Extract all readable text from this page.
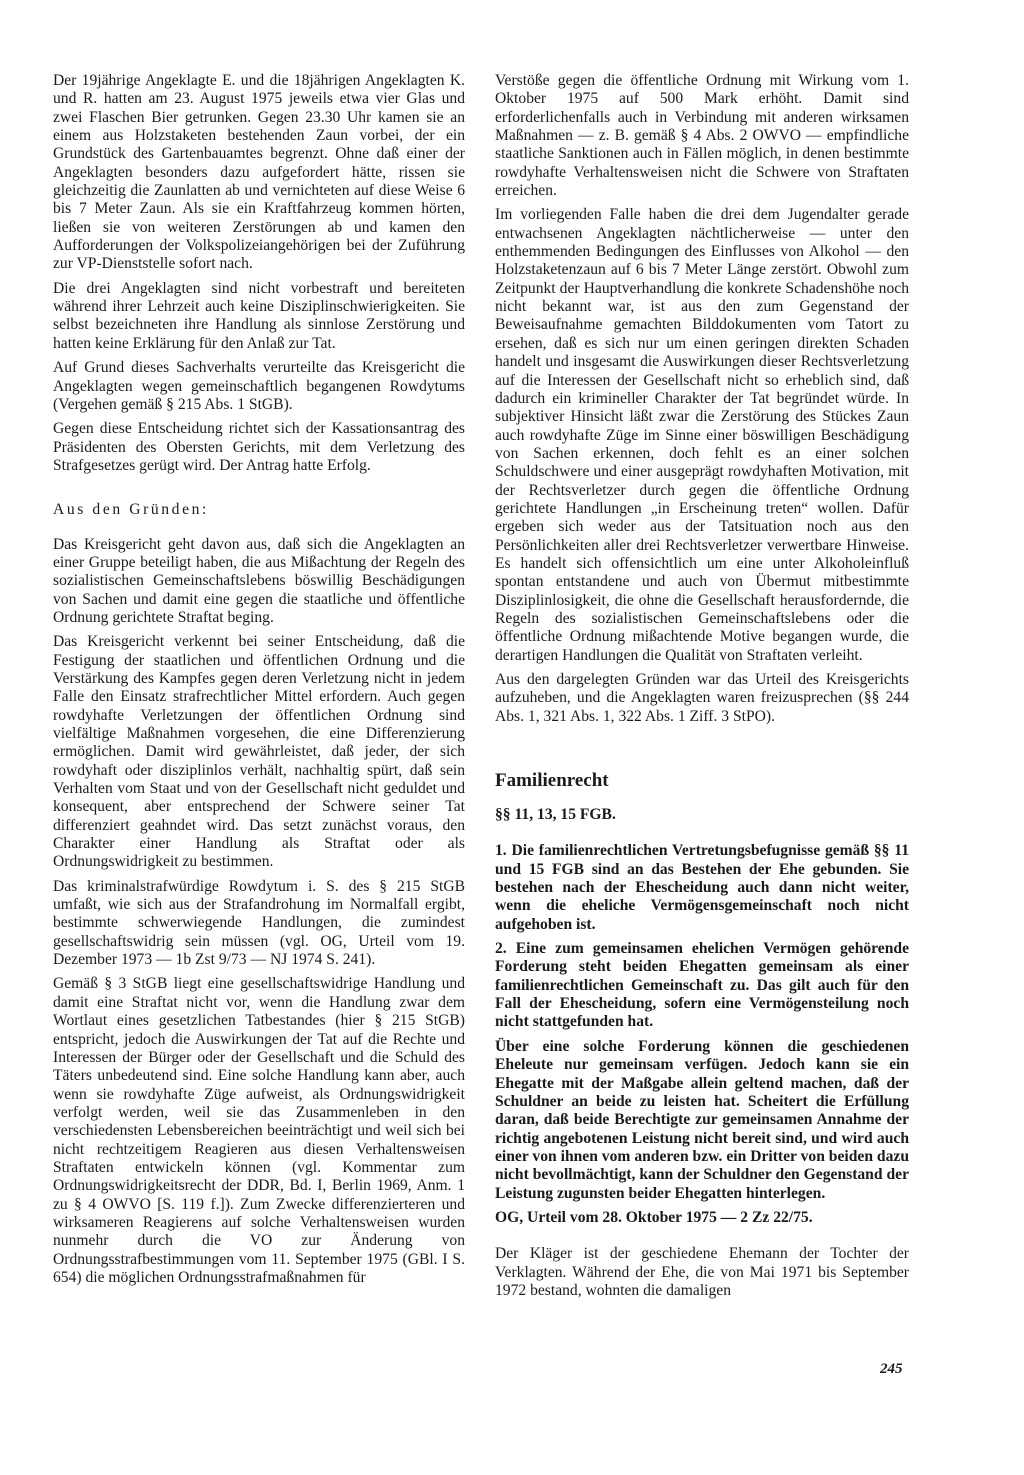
Der 19jährige Angeklagte E. und die 18jährigen Angeklagten K. und R. hatten am 23. August 1975 jeweils etwa vier Glas und zwei Flaschen Bier getrunken. Gegen 23.30 Uhr kamen sie an einem aus Holzstaketen bestehenden Zaun vorbei, der ein Grundstück des Gartenbauamtes begrenzt. Ohne daß einer der Angeklagten besonders dazu aufgefordert hätte, rissen sie gleichzeitig die Zaunlatten ab und vernichteten auf diese Weise 6 bis 7 Meter Zaun. Als sie ein Kraftfahrzeug kommen hörten, ließen sie von weiteren Zerstörungen ab und kamen den Aufforderungen der Volkspolizeiangehörigen bei der Zuführung zur VP-Dienststelle sofort nach.

Die drei Angeklagten sind nicht vorbestraft und bereiteten während ihrer Lehrzeit auch keine Disziplinschwierigkeiten. Sie selbst bezeichneten ihre Handlung als sinnlose Zerstörung und hatten keine Erklärung für den Anlaß zur Tat.

Auf Grund dieses Sachverhalts verurteilte das Kreisgericht die Angeklagten wegen gemeinschaftlich begangenen Rowdytums (Vergehen gemäß § 215 Abs. 1 StGB).

Gegen diese Entscheidung richtet sich der Kassationsantrag des Präsidenten des Obersten Gerichts, mit dem Verletzung des Strafgesetzes gerügt wird. Der Antrag hatte Erfolg.

Aus den Gründen:

Das Kreisgericht geht davon aus, daß sich die Angeklagten an einer Gruppe beteiligt haben, die aus Mißachtung der Regeln des sozialistischen Gemeinschaftslebens böswillig Beschädigungen von Sachen und damit eine gegen die staatliche und öffentliche Ordnung gerichtete Straftat beging.

Das Kreisgericht verkennt bei seiner Entscheidung, daß die Festigung der staatlichen und öffentlichen Ordnung und die Verstärkung des Kampfes gegen deren Verletzung nicht in jedem Falle den Einsatz strafrechtlicher Mittel erfordern. Auch gegen rowdyhafte Verletzungen der öffentlichen Ordnung sind vielfältige Maßnahmen vorgesehen, die eine Differenzierung ermöglichen. Damit wird gewährleistet, daß jeder, der sich rowdyhaft oder disziplinlos verhält, nachhaltig spürt, daß sein Verhalten vom Staat und von der Gesellschaft nicht geduldet und konsequent, aber entsprechend der Schwere seiner Tat differenziert geahndet wird. Das setzt zunächst voraus, den Charakter einer Handlung als Straftat oder als Ordnungswidrigkeit zu bestimmen.

Das kriminalstrafwürdige Rowdytum i. S. des § 215 StGB umfaßt, wie sich aus der Strafandrohung im Normalfall ergibt, bestimmte schwerwiegende Handlungen, die zumindest gesellschaftswidrig sein müssen (vgl. OG, Urteil vom 19. Dezember 1973 — 1b Zst 9/73 — NJ 1974 S. 241).

Gemäß § 3 StGB liegt eine gesellschaftswidrige Handlung und damit eine Straftat nicht vor, wenn die Handlung zwar dem Wortlaut eines gesetzlichen Tatbestandes (hier § 215 StGB) entspricht, jedoch die Auswirkungen der Tat auf die Rechte und Interessen der Bürger oder der Gesellschaft und die Schuld des Täters unbedeutend sind. Eine solche Handlung kann aber, auch wenn sie rowdyhafte Züge aufweist, als Ordnungswidrigkeit verfolgt werden, weil sie das Zusammenleben in den verschiedensten Lebensbereichen beeinträchtigt und weil sich bei nicht rechtzeitigem Reagieren aus diesen Verhaltensweisen Straftaten entwickeln können (vgl. Kommentar zum Ordnungswidrigkeitsrecht der DDR, Bd. I, Berlin 1969, Anm. 1 zu § 4 OWVO [S. 119 f.]). Zum Zwecke differenzierteren und wirksameren Reagierens auf solche Verhaltensweisen wurden nunmehr durch die VO zur Änderung von Ordnungsstrafbestimmungen vom 11. September 1975 (GBl. I S. 654) die möglichen Ordnungsstrafmaßnahmen für

Verstöße gegen die öffentliche Ordnung mit Wirkung vom 1. Oktober 1975 auf 500 Mark erhöht. Damit sind erforderlichenfalls auch in Verbindung mit anderen wirksamen Maßnahmen — z. B. gemäß § 4 Abs. 2 OWVO — empfindliche staatliche Sanktionen auch in Fällen möglich, in denen bestimmte rowdyhafte Verhaltensweisen nicht die Schwere von Straftaten erreichen.

Im vorliegenden Falle haben die drei dem Jugendalter gerade entwachsenen Angeklagten nächtlicherweise — unter den enthemmenden Bedingungen des Einflusses von Alkohol — den Holzstaketenzaun auf 6 bis 7 Meter Länge zerstört. Obwohl zum Zeitpunkt der Hauptverhandlung die konkrete Schadenshöhe noch nicht bekannt war, ist aus den zum Gegenstand der Beweisaufnahme gemachten Bilddokumenten vom Tatort zu ersehen, daß es sich nur um einen geringen direkten Schaden handelt und insgesamt die Auswirkungen dieser Rechtsverletzung auf die Interessen der Gesellschaft nicht so erheblich sind, daß dadurch ein krimineller Charakter der Tat begründet würde. In subjektiver Hinsicht läßt zwar die Zerstörung des Stückes Zaun auch rowdyhafte Züge im Sinne einer böswilligen Beschädigung von Sachen erkennen, doch fehlt es an einer solchen Schuldschwere und einer ausgeprägt rowdyhaften Motivation, mit der Rechtsverletzer durch gegen die öffentliche Ordnung gerichtete Handlungen „in Erscheinung treten“ wollen. Dafür ergeben sich weder aus der Tatsituation noch aus den Persönlichkeiten aller drei Rechtsverletzer verwertbare Hinweise. Es handelt sich offensichtlich um eine unter Alkoholeinfluß spontan entstandene und auch von Übermut mitbestimmte Disziplinlosigkeit, die ohne die Gesellschaft herausfordernde, die Regeln des sozialistischen Gemeinschaftslebens oder die öffentliche Ordnung mißachtende Motive begangen wurde, die derartigen Handlungen die Qualität von Straftaten verleiht.

Aus den dargelegten Gründen war das Urteil des Kreisgerichts aufzuheben, und die Angeklagten waren freizusprechen (§§ 244 Abs. 1, 321 Abs. 1, 322 Abs. 1 Ziff. 3 StPO).

Familienrecht

§§ 11, 13, 15 FGB.

1. Die familienrechtlichen Vertretungsbefugnisse gemäß §§ 11 und 15 FGB sind an das Bestehen der Ehe gebunden. Sie bestehen nach der Ehescheidung auch dann nicht weiter, wenn die eheliche Vermögensgemeinschaft noch nicht aufgehoben ist.

2. Eine zum gemeinsamen ehelichen Vermögen gehörende Forderung steht beiden Ehegatten gemeinsam als einer familienrechtlichen Gemeinschaft zu. Das gilt auch für den Fall der Ehescheidung, sofern eine Vermögensteilung noch nicht stattgefunden hat.

Über eine solche Forderung können die geschiedenen Eheleute nur gemeinsam verfügen. Jedoch kann sie ein Ehegatte mit der Maßgabe allein geltend machen, daß der Schuldner an beide zu leisten hat. Scheitert die Erfüllung daran, daß beide Berechtigte zur gemeinsamen Annahme der richtig angebotenen Leistung nicht bereit sind, und wird auch einer von ihnen vom anderen bzw. ein Dritter von beiden dazu nicht bevollmächtigt, kann der Schuldner den Gegenstand der Leistung zugunsten beider Ehegatten hinterlegen.

OG, Urteil vom 28. Oktober 1975 — 2 Zz 22/75.

Der Kläger ist der geschiedene Ehemann der Tochter der Verklagten. Während der Ehe, die von Mai 1971 bis September 1972 bestand, wohnten die damaligen

245
